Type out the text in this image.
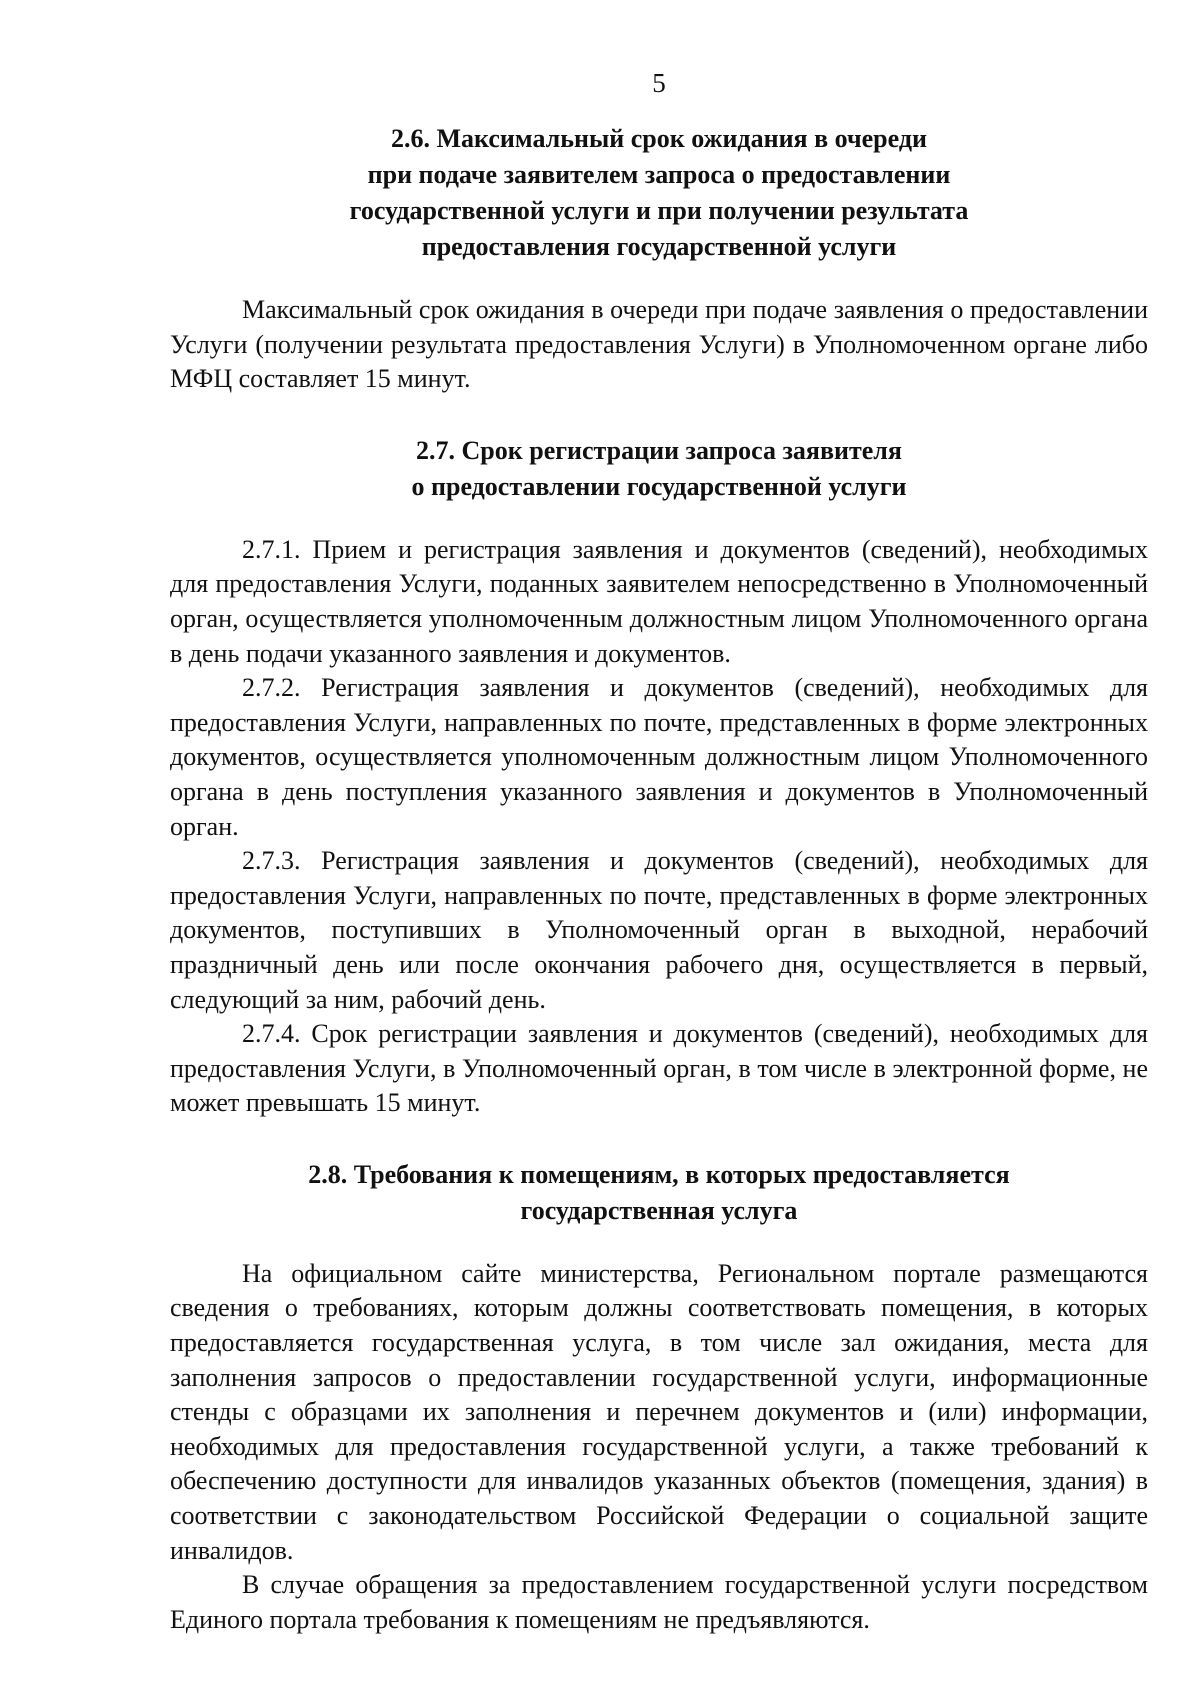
5
2.6. Максимальный срок ожидания в очереди
при подаче заявителем запроса о предоставлении
государственной услуги и при получении результата
предоставления государственной услуги

Максимальный срок ожидания в очереди при подаче заявления о предоставлении Услуги (получении результата предоставления Услуги) в Уполномоченном органе либо МФЦ составляет 15 минут.

2.7. Срок регистрации запроса заявителя
о предоставлении государственной услуги

2.7.1. Прием и регистрация заявления и документов (сведений), необходимых для предоставления Услуги, поданных заявителем непосредственно в Уполномоченный орган, осуществляется уполномоченным должностным лицом Уполномоченного органа в день подачи указанного заявления и документов.

2.7.2. Регистрация заявления и документов (сведений), необходимых для предоставления Услуги, направленных по почте, представленных в форме электронных документов, осуществляется уполномоченным должностным лицом Уполномоченного органа в день поступления указанного заявления и документов в Уполномоченный орган.

2.7.3. Регистрация заявления и документов (сведений), необходимых для предоставления Услуги, направленных по почте, представленных в форме электронных документов, поступивших в Уполномоченный орган в выходной, нерабочий праздничный день или после окончания рабочего дня, осуществляется в первый, следующий за ним, рабочий день.

2.7.4. Срок регистрации заявления и документов (сведений), необходимых для предоставления Услуги, в Уполномоченный орган, в том числе в электронной форме, не может превышать 15 минут.

2.8. Требования к помещениям, в которых предоставляется
государственная услуга

На официальном сайте министерства, Региональном портале размещаются сведения о требованиях, которым должны соответствовать помещения, в которых предоставляется государственная услуга, в том числе зал ожидания, места для заполнения запросов о предоставлении государственной услуги, информационные стенды с образцами их заполнения и перечнем документов и (или) информации, необходимых для предоставления государственной услуги, а также требований к обеспечению доступности для инвалидов указанных объектов (помещения, здания) в соответствии с законодательством Российской Федерации о социальной защите инвалидов.

В случае обращения за предоставлением государственной услуги посредством Единого портала требования к помещениям не предъявляются.
